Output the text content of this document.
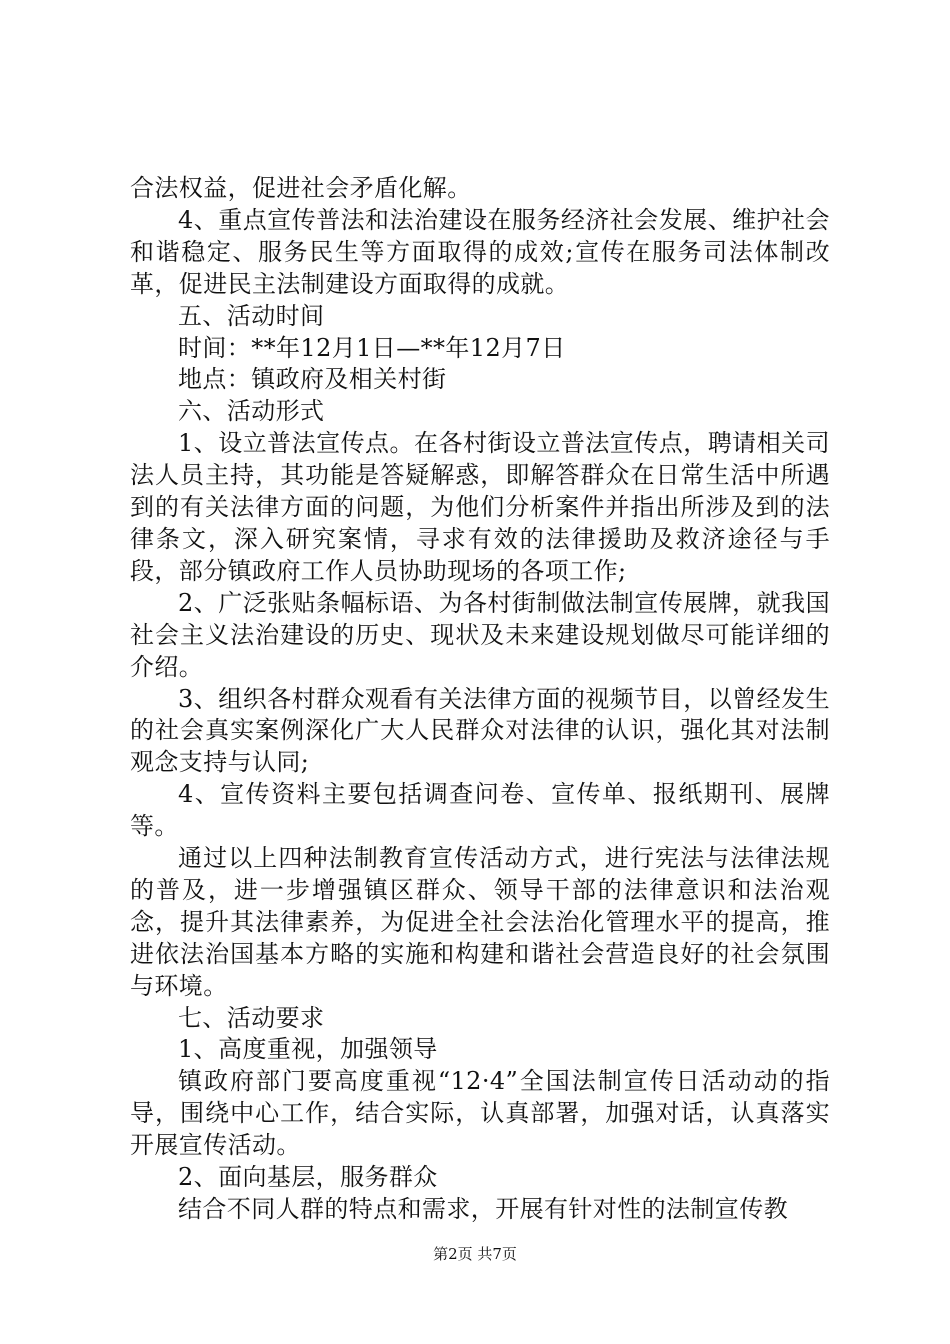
合法权益，促进社会矛盾化解。

4、重点宣传普法和法治建设在服务经济社会发展、维护社会和谐稳定、服务民生等方面取得的成效;宣传在服务司法体制改革，促进民主法制建设方面取得的成就。

五、活动时间

时间：**年12月1日—**年12月7日

地点：镇政府及相关村街

六、活动形式

1、设立普法宣传点。在各村街设立普法宣传点，聘请相关司法人员主持，其功能是答疑解惑，即解答群众在日常生活中所遇到的有关法律方面的问题，为他们分析案件并指出所涉及到的法律条文，深入研究案情，寻求有效的法律援助及救济途径与手段，部分镇政府工作人员协助现场的各项工作;

2、广泛张贴条幅标语、为各村街制做法制宣传展牌，就我国社会主义法治建设的历史、现状及未来建设规划做尽可能详细的介绍。

3、组织各村群众观看有关法律方面的视频节目，以曾经发生的社会真实案例深化广大人民群众对法律的认识，强化其对法制观念支持与认同;

4、宣传资料主要包括调查问卷、宣传单、报纸期刊、展牌等。

通过以上四种法制教育宣传活动方式，进行宪法与法律法规的普及，进一步增强镇区群众、领导干部的法律意识和法治观念，提升其法律素养，为促进全社会法治化管理水平的提高，推进依法治国基本方略的实施和构建和谐社会营造良好的社会氛围与环境。

七、活动要求

1、高度重视，加强领导

镇政府部门要高度重视“12·4”全国法制宣传日活动动的指导，围绕中心工作，结合实际，认真部署，加强对话，认真落实开展宣传活动。

2、面向基层，服务群众

结合不同人群的特点和需求，开展有针对性的法制宣传教

第2页 共7页
